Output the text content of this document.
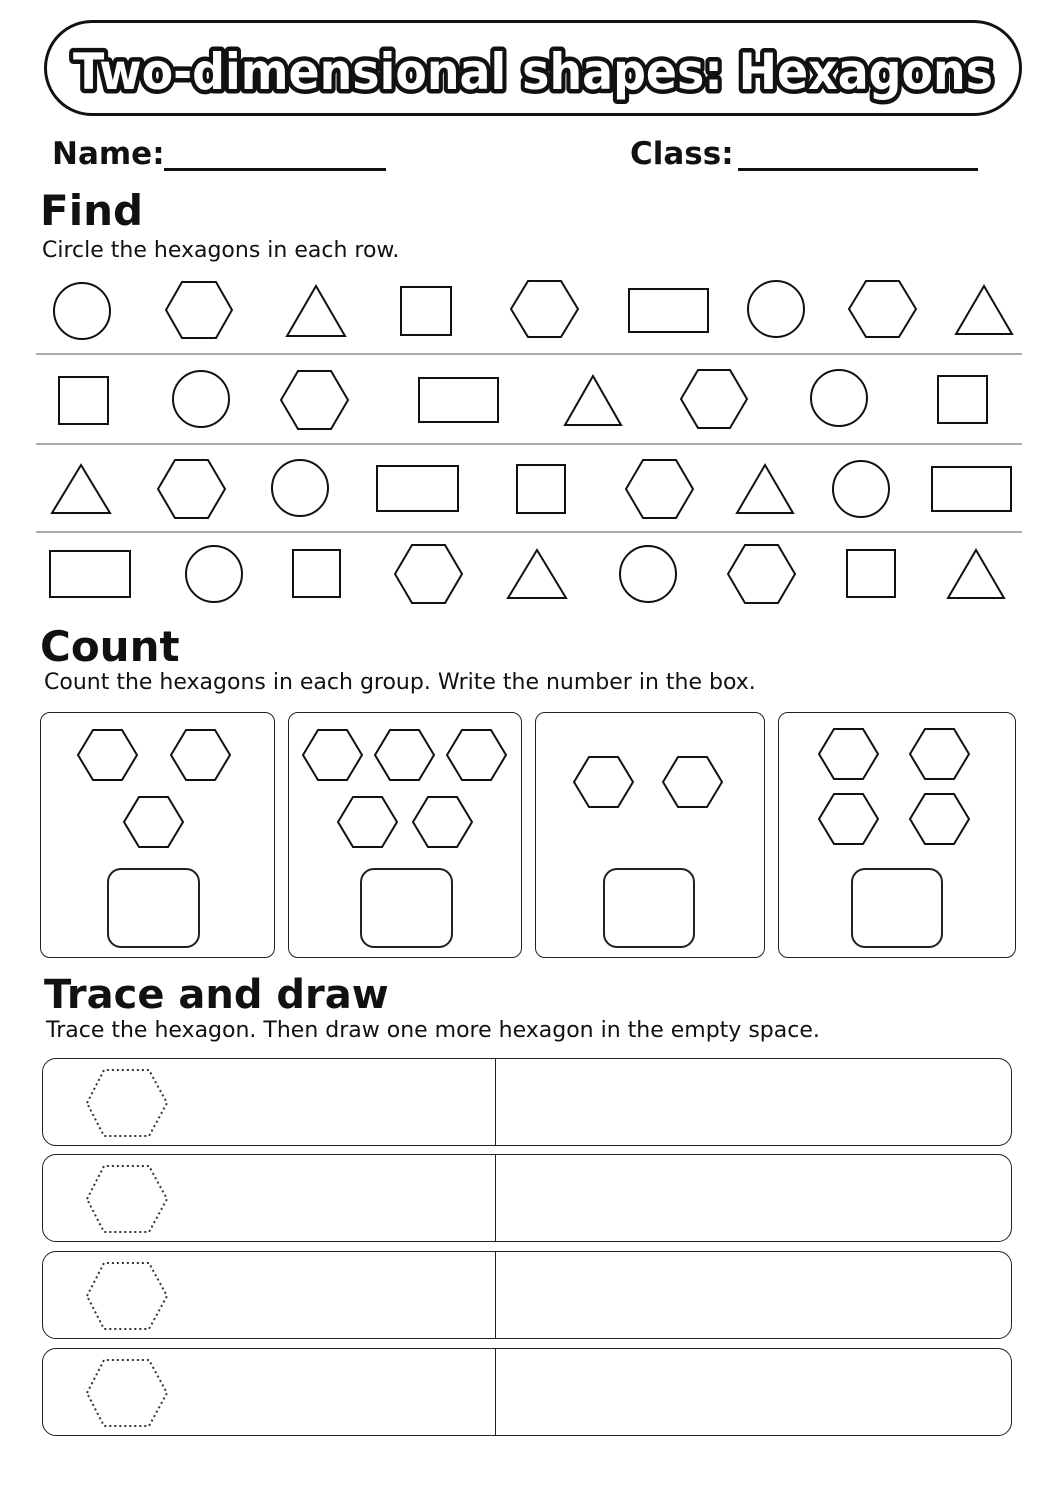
Two-dimensional shapes: Hexagons
Name:	Class:
Find
Circle the hexagons in each row.
Count
Count the hexagons in each group. Write the number in the box.
Trace and draw
Trace the hexagon. Then draw one more hexagon in the empty space.
